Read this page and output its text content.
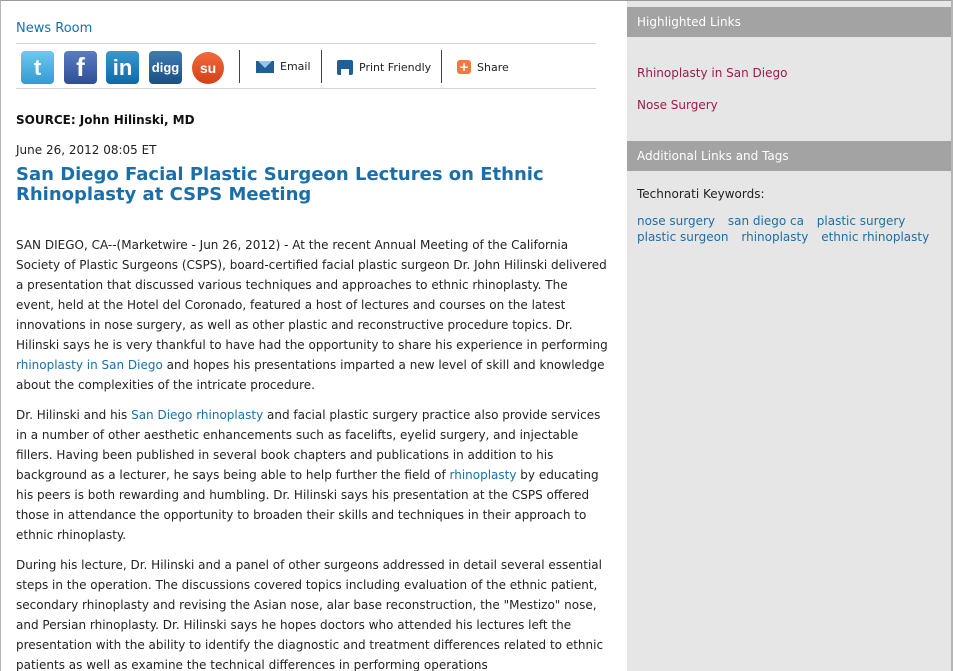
News Room
t f in digg su	Email	Print Friendly + Share
SOURCE: John Hilinski, MD
June 26, 2012 08:05 ET
San Diego Facial Plastic Surgeon Lectures on Ethnic Rhinoplasty at CSPS Meeting

SAN DIEGO, CA--(Marketwire - Jun 26, 2012) - At the recent Annual Meeting of the California Society of Plastic Surgeons (CSPS), board-certified facial plastic surgeon Dr. John Hilinski delivered a presentation that discussed various techniques and approaches to ethnic rhinoplasty. The event, held at the Hotel del Coronado, featured a host of lectures and courses on the latest innovations in nose surgery, as well as other plastic and reconstructive procedure topics. Dr. Hilinski says he is very thankful to have had the opportunity to share his experience in performing rhinoplasty in San Diego and hopes his presentations imparted a new level of skill and knowledge about the complexities of the intricate procedure.

Dr. Hilinski and his San Diego rhinoplasty and facial plastic surgery practice also provide services in a number of other aesthetic enhancements such as facelifts, eyelid surgery, and injectable fillers. Having been published in several book chapters and publications in addition to his background as a lecturer, he says being able to help further the field of rhinoplasty by educating his peers is both rewarding and humbling. Dr. Hilinski says his presentation at the CSPS offered those in attendance the opportunity to broaden their skills and techniques in their approach to ethnic rhinoplasty.

During his lecture, Dr. Hilinski and a panel of other surgeons addressed in detail several essential steps in the operation. The discussions covered topics including evaluation of the ethnic patient, secondary rhinoplasty and revising the Asian nose, alar base reconstruction, the "Mestizo" nose, and Persian rhinoplasty. Dr. Hilinski says he hopes doctors who attended his lectures left the presentation with the ability to identify the diagnostic and treatment differences related to ethnic patients as well as examine the technical differences in performing operations

Highlighted Links
Rhinoplasty in San Diego
Nose Surgery
Additional Links and Tags
Technorati Keywords:
nose surgery san diego ca plastic surgery plastic surgeon rhinoplasty ethnic rhinoplasty
